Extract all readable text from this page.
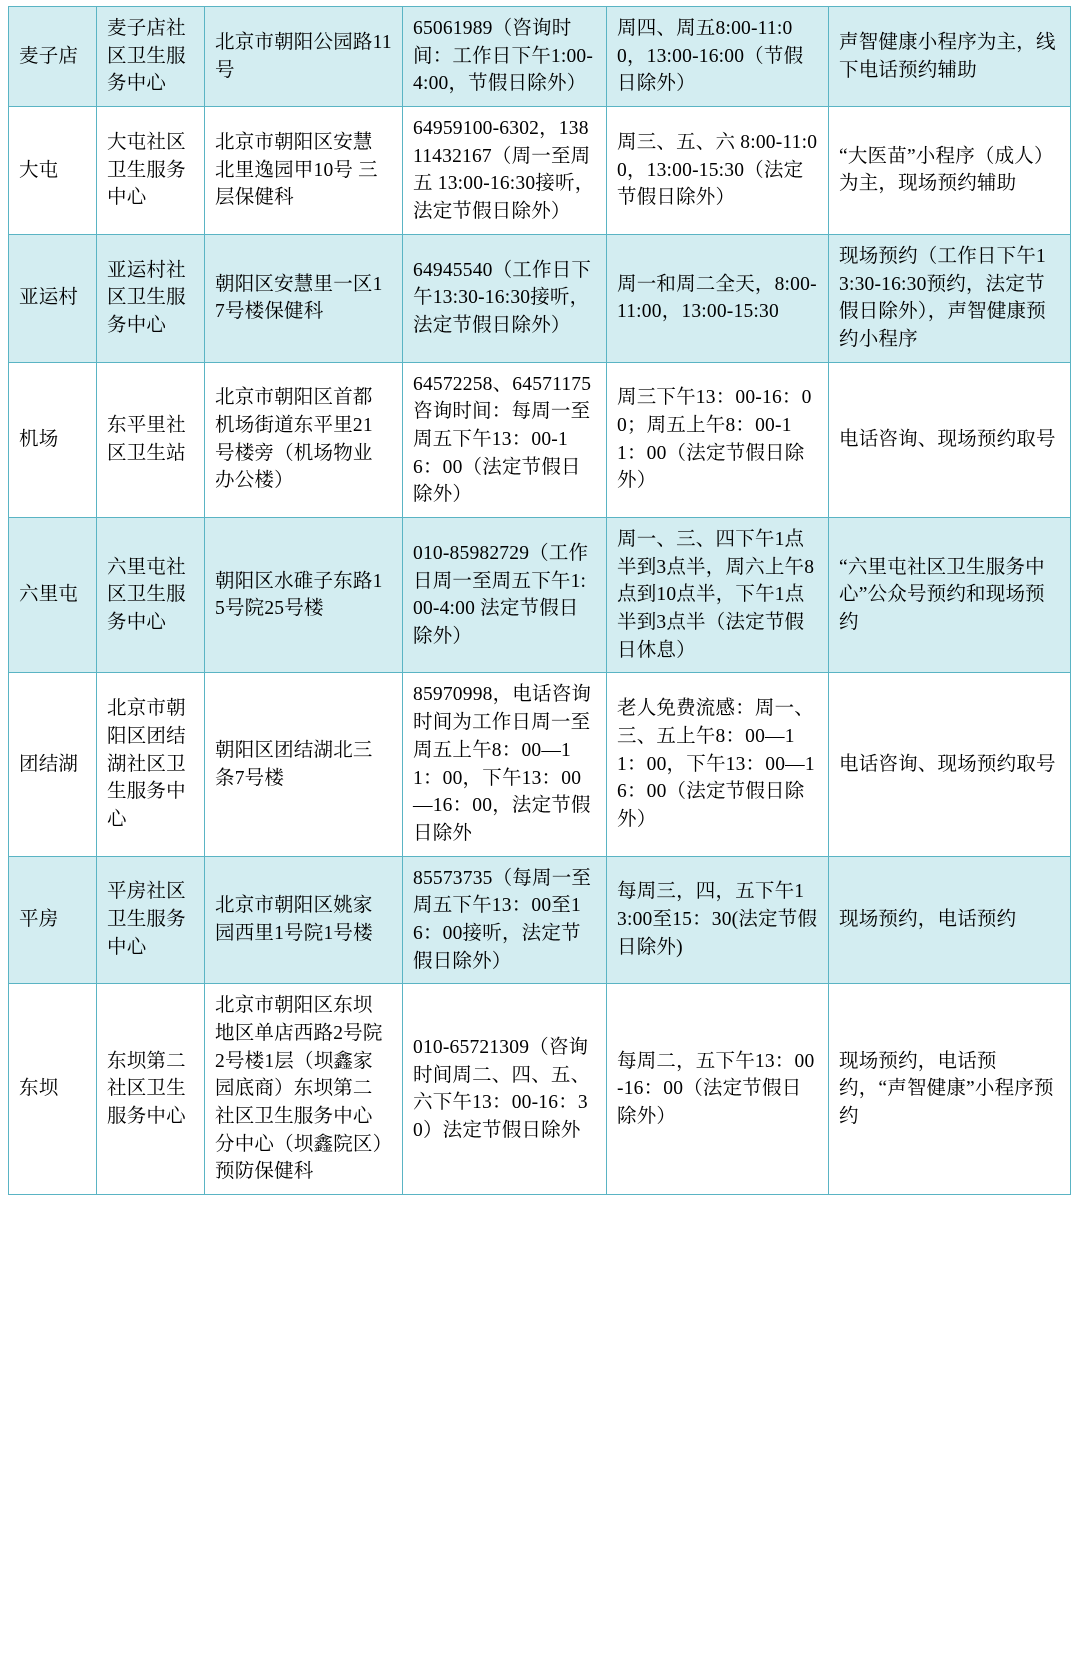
麦子店	麦子店社区卫生服务中心	北京市朝阳公园路11号	65061989（咨询时间：工作日下午1:00-4:00，节假日除外）	周四、周五8:00-11:00，13:00-16:00（节假日除外）	声智健康小程序为主，线下电话预约辅助
大屯	大屯社区卫生服务中心	北京市朝阳区安慧北里逸园甲10号 三层保健科	64959100-6302，13811432167（周一至周五 13:00-16:30接听，法定节假日除外）	周三、五、六 8:00-11:00，13:00-15:30（法定节假日除外）	“大医苗”小程序（成人）为主，现场预约辅助
亚运村	亚运村社区卫生服务中心	朝阳区安慧里一区17号楼保健科	64945540（工作日下午13:30-16:30接听，法定节假日除外）	周一和周二全天，8:00-11:00，13:00-15:30	现场预约（工作日下午13:30-16:30预约，法定节假日除外），声智健康预约小程序
机场	东平里社区卫生站	北京市朝阳区首都机场街道东平里21号楼旁（机场物业办公楼）	64572258、64571175咨询时间：每周一至周五下午13：00-16：00（法定节假日除外）	周三下午13：00-16：00；周五上午8：00-11：00（法定节假日除外）	电话咨询、现场预约取号
六里屯	六里屯社区卫生服务中心	朝阳区水碓子东路15号院25号楼	010-85982729（工作日周一至周五下午1:00-4:00 法定节假日除外）	周一、三、四下午1点半到3点半，周六上午8点到10点半，下午1点半到3点半（法定节假日休息）	“六里屯社区卫生服务中心”公众号预约和现场预约
团结湖	北京市朝阳区团结湖社区卫生服务中心	朝阳区团结湖北三条7号楼	85970998，电话咨询时间为工作日周一至周五上午8：00—11：00，下午13：00—16：00，法定节假日除外	老人免费流感：周一、三、五上午8：00—11：00，下午13：00—16：00（法定节假日除外）	电话咨询、现场预约取号
平房	平房社区卫生服务中心	北京市朝阳区姚家园西里1号院1号楼	85573735（每周一至周五下午13：00至16：00接听，法定节假日除外）	每周三，四，五下午13:00至15：30(法定节假日除外)	现场预约，电话预约
东坝	东坝第二社区卫生服务中心	北京市朝阳区东坝地区单店西路2号院2号楼1层（坝鑫家园底商）东坝第二社区卫生服务中心分中心（坝鑫院区）预防保健科	010-65721309（咨询时间周二、四、五、六下午13：00-16：30）法定节假日除外	每周二，五下午13：00-16：00（法定节假日除外）	现场预约，电话预约，“声智健康”小程序预约
